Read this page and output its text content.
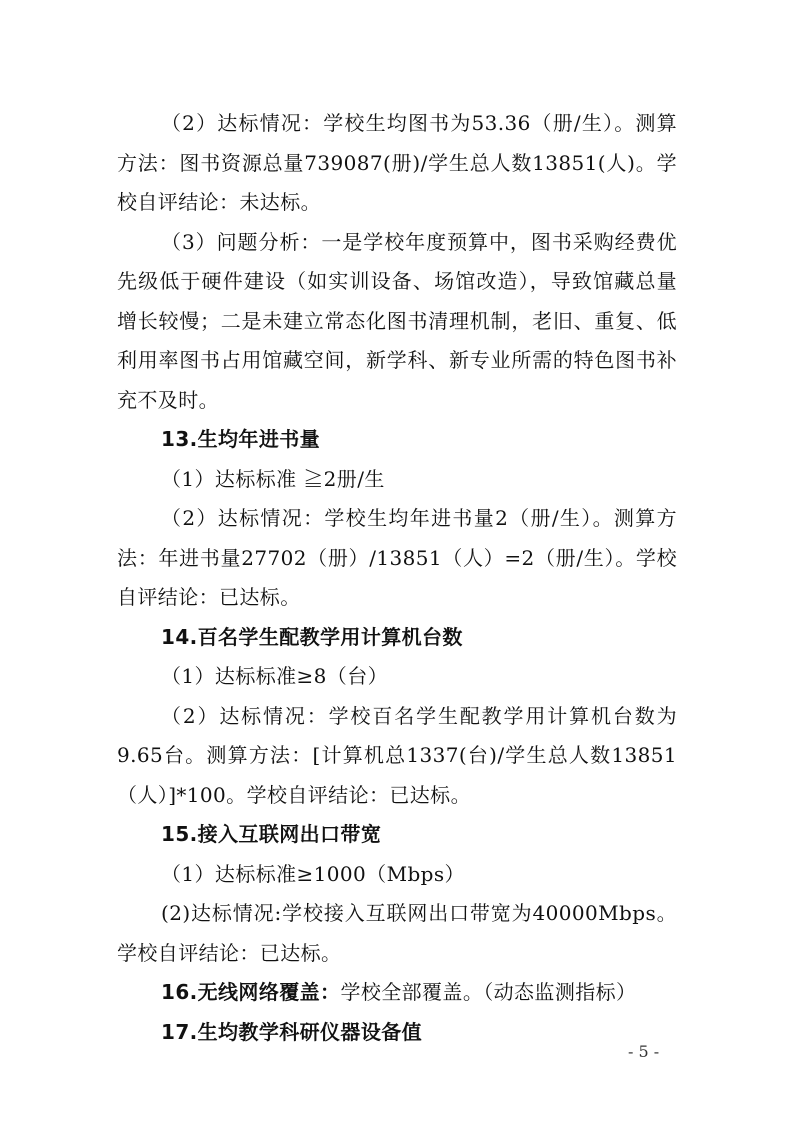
（2）达标情况：学校生均图书为53.36（册/生）。测算方法：图书资源总量739087(册)/学生总人数13851(人)。学校自评结论：未达标。

（3）问题分析：一是学校年度预算中，图书采购经费优先级低于硬件建设（如实训设备、场馆改造），导致馆藏总量增长较慢；二是未建立常态化图书清理机制，老旧、重复、低利用率图书占用馆藏空间，新学科、新专业所需的特色图书补充不及时。

13.生均年进书量

（1）达标标准 ≧2册/生

（2）达标情况：学校生均年进书量2（册/生）。测算方法：年进书量27702（册）/13851（人）=2（册/生）。学校自评结论：已达标。

14.百名学生配教学用计算机台数

（1）达标标准≥8（台）

（2）达标情况：学校百名学生配教学用计算机台数为9.65台。测算方法：[计算机总1337(台)/学生总人数13851（人）]*100。学校自评结论：已达标。

15.接入互联网出口带宽

（1）达标标准≥1000（Mbps）

(2)达标情况:学校接入互联网出口带宽为40000Mbps。学校自评结论：已达标。

16.无线网络覆盖：学校全部覆盖。（动态监测指标）

17.生均教学科研仪器设备值

- 5 -
